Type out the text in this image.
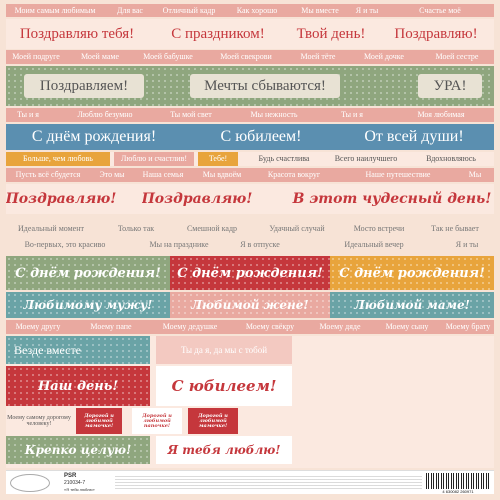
Моим самым любимым	Для вас	Отличный кадр	Как хорошо	Мы вместе	Я и ты	Счастье моё
Поздравляю тебя!	С праздником!	Твой день!	Поздравляю!
Моей подруге	Моей маме	Моей бабушке	Моей свекрови	Моей тёте	Моей дочке	Моей сестре
Поздравляем!	Мечты сбываются!	УРА!
Ты и я	Люблю безумно	Ты мой свет	Мы нежность	Ты и я	Моя любимая
С днём рождения!	С юбилеем!	От всей души!
Больше, чем любовь	Люблю и счастлив!	Тебе!	Будь счастлива	Всего наилучшего	Вдохновляюсь
Пусть всё сбудется	Это мы	Наша семья	Мы вдвоём	Красота вокруг	Наше путешествие	Мы
Поздравляю! Поздравляю!	В этот чудесный день!
Идеальный момент	Только так	Смешной кадр	Удачный случай	Мосто встречи	Так не бывает
Во-первых, это красиво	Мы на празднике	Я в отпуске	Идеальный вечер	Я и ты
С днём рождения!	С днём рождения!	С днём рождения!
Любимому мужу!	Любимой жене!	Любимой маме!
Моему другу	Моему папе	Моему дедушке	Моему свёкру	Моему дяде	Моему сыну	Моему брату
Везде вместе	Ты да я, да мы с тобой
Наш день!	С юбилеем!
Моему самому дорогому человеку!
Дорогой и любимой мамочке!
Дорогой и любимой папочке!
Дорогой и любимой мамочке!
Крепко целую!	Я тебя люблю!
PSR
210034-7
«Я тебя люблю»	4 630082 260971
